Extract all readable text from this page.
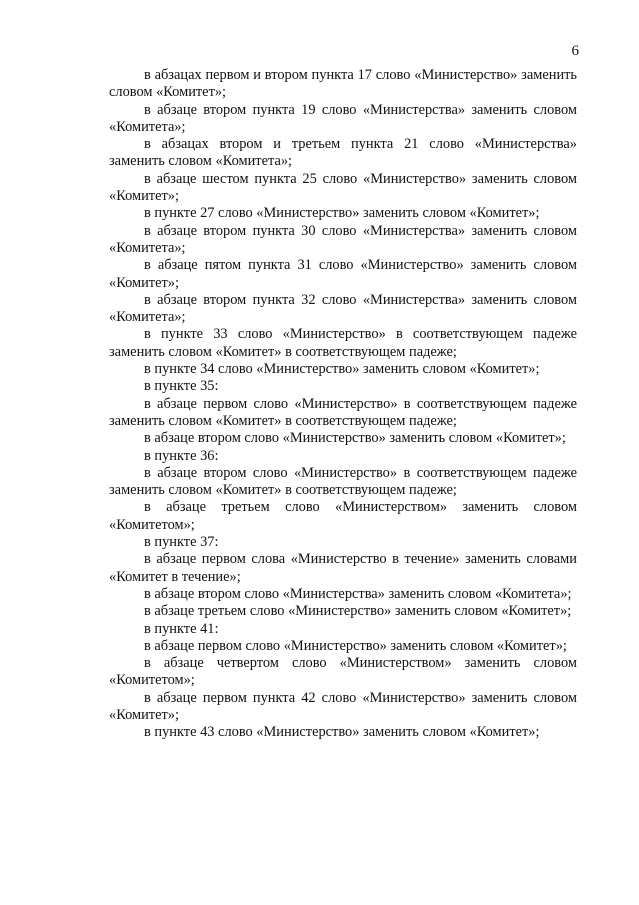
6

в абзацах первом и втором пункта 17 слово «Министерство» заменить словом «Комитет»;

в абзаце втором пункта 19 слово «Министерства» заменить словом «Комитета»;

в абзацах втором и третьем пункта 21 слово «Министерства» заменить словом «Комитета»;

в абзаце шестом пункта 25 слово «Министерство» заменить словом «Комитет»;

в пункте 27 слово «Министерство» заменить словом «Комитет»;

в абзаце втором пункта 30 слово «Министерства» заменить словом «Комитета»;

в абзаце пятом пункта 31 слово «Министерство» заменить словом «Комитет»;

в абзаце втором пункта 32 слово «Министерства» заменить словом «Комитета»;

в пункте 33 слово «Министерство» в соответствующем падеже заменить словом «Комитет» в соответствующем падеже;

в пункте 34 слово «Министерство» заменить словом «Комитет»;

в пункте 35:

в абзаце первом слово «Министерство» в соответствующем падеже заменить словом «Комитет» в соответствующем падеже;

в абзаце втором слово «Министерство» заменить словом «Комитет»;

в пункте 36:

в абзаце втором слово «Министерство» в соответствующем падеже заменить словом «Комитет» в соответствующем падеже;

в абзаце третьем слово «Министерством» заменить словом «Комитетом»;

в пункте 37:

в абзаце первом слова «Министерство в течение» заменить словами «Комитет в течение»;

в абзаце втором слово «Министерства» заменить словом «Комитета»;

в абзаце третьем слово «Министерство» заменить словом «Комитет»;

в пункте 41:

в абзаце первом слово «Министерство» заменить словом «Комитет»;

в абзаце четвертом слово «Министерством» заменить словом «Комитетом»;

в абзаце первом пункта 42 слово «Министерство» заменить словом «Комитет»;

в пункте 43 слово «Министерство» заменить словом «Комитет»;
